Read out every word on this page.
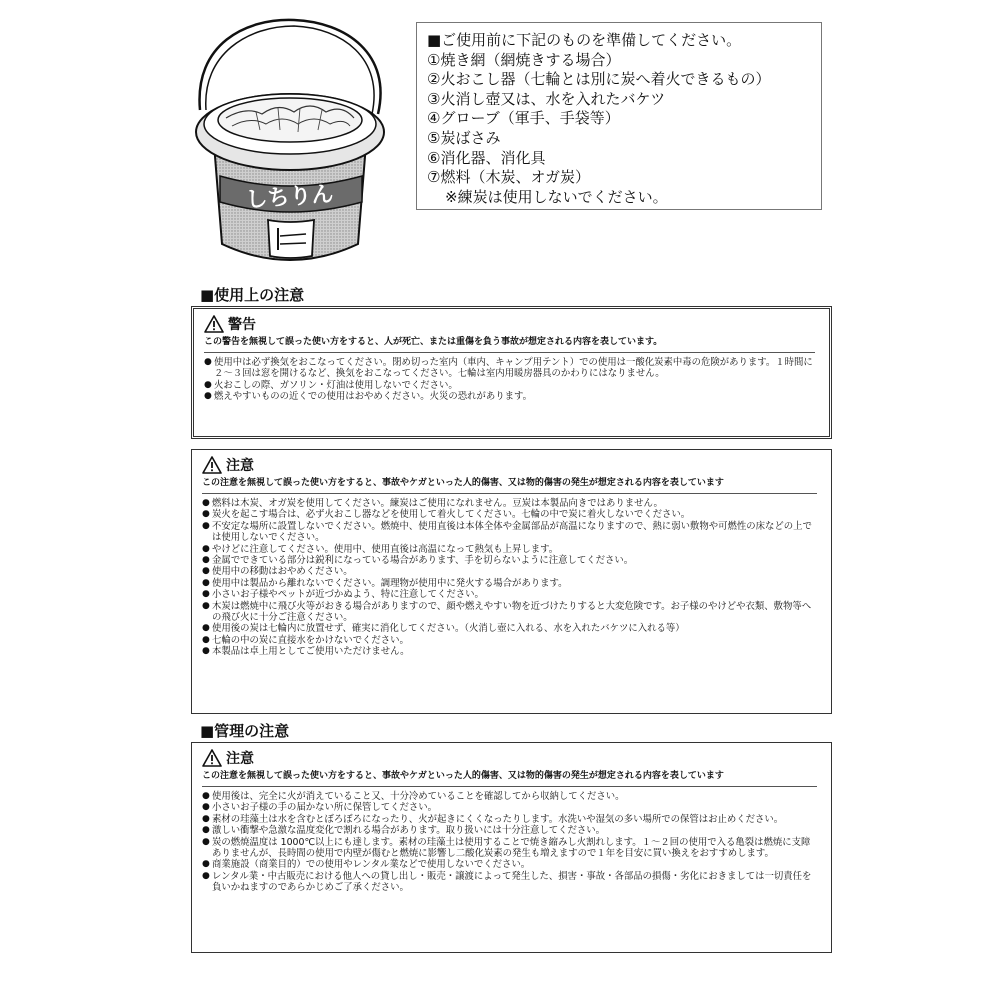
しちりん

■ご使用前に下記のものを準備してください。

①焼き網（網焼きする場合）

②火おこし器（七輪とは別に炭へ着火できるもの）

③火消し壺又は、水を入れたバケツ

④グローブ（軍手、手袋等）

⑤炭ばさみ

⑥消化器、消化具

⑦燃料（木炭、オガ炭）

※練炭は使用しないでください。

■使用上の注意
警告

この警告を無視して誤った使い方をすると、人が死亡、または重傷を負う事故が想定される内容を表しています。

● 使用中は必ず換気をおこなってください。閉め切った室内（車内、キャンプ用テント）での使用は一酸化炭素中毒の危険があります。１時間に２～３回は窓を開けるなど、換気をおこなってください。七輪は室内用暖房器具のかわりにはなりません。
● 火おこしの際、ガソリン・灯油は使用しないでください。
● 燃えやすいものの近くでの使用はおやめください。火災の恐れがあります。
注意

この注意を無視して誤った使い方をすると、事故やケガといった人的傷害、又は物的傷害の発生が想定される内容を表しています

● 燃料は木炭、オガ炭を使用してください。練炭はご使用になれません。豆炭は本製品向きではありません。
● 炭火を起こす場合は、必ず火おこし器などを使用して着火してください。七輪の中で炭に着火しないでください。
● 不安定な場所に設置しないでください。燃焼中、使用直後は本体全体や金属部品が高温になりますので、熱に弱い敷物や可燃性の床などの上では使用しないでください。
● やけどに注意してください。使用中、使用直後は高温になって熱気も上昇します。
● 金属でできている部分は鋭利になっている場合があります、手を切らないように注意してください。
● 使用中の移動はおやめください。
● 使用中は製品から離れないでください。調理物が使用中に発火する場合があります。
● 小さいお子様やペットが近づかぬよう、特に注意してください。
● 木炭は燃焼中に飛び火等がおきる場合がありますので、顔や燃えやすい物を近づけたりすると大変危険です。お子様のやけどや衣類、敷物等への飛び火に十分ご注意ください。
● 使用後の炭は七輪内に放置せず、確実に消化してください。（火消し壺に入れる、水を入れたバケツに入れる等）
● 七輪の中の炭に直接水をかけないでください。
● 本製品は卓上用としてご使用いただけません。
■管理の注意
注意

この注意を無視して誤った使い方をすると、事故やケガといった人的傷害、又は物的傷害の発生が想定される内容を表しています

● 使用後は、完全に火が消えていること又、十分冷めていることを確認してから収納してください。
● 小さいお子様の手の届かない所に保管してください。
● 素材の珪藻土は水を含むとぼろぼろになったり、火が起きにくくなったりします。水洗いや湿気の多い場所での保管はお止めください。
● 激しい衝撃や急激な温度変化で割れる場合があります。取り扱いには十分注意してください。
● 炭の燃焼温度は 1000℃以上にも達します。素材の珪藻土は使用することで焼き縮みし火割れします。１～２回の使用で入る亀裂は燃焼に支障ありませんが、長時間の使用で内壁が傷むと燃焼に影響し二酸化炭素の発生も増えますので１年を目安に買い換えをおすすめします。
● 商業施設（商業目的）での使用やレンタル業などで使用しないでください。
● レンタル業・中古販売における他人への貸し出し・販売・譲渡によって発生した、損害・事故・各部品の損傷・劣化におきましては一切責任を負いかねますのであらかじめご了承ください。
